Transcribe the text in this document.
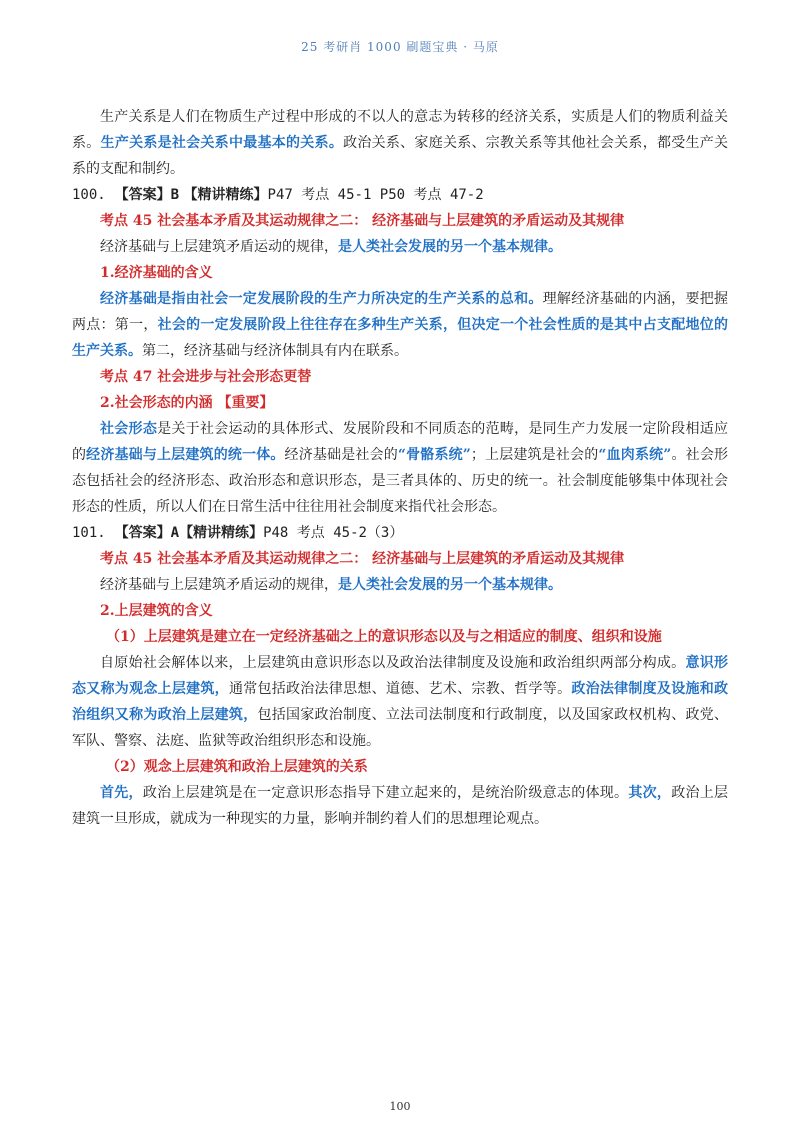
25 考研肖 1000 刷题宝典 · 马原

生产关系是人们在物质生产过程中形成的不以人的意志为转移的经济关系，实质是人们的物质利益关系。生产关系是社会关系中最基本的关系。政治关系、家庭关系、宗教关系等其他社会关系，都受生产关系的支配和制约。

100. 【答案】B 【精讲精练】P47 考点 45-1 P50 考点 47-2

考点 45 社会基本矛盾及其运动规律之二： 经济基础与上层建筑的矛盾运动及其规律

经济基础与上层建筑矛盾运动的规律，是人类社会发展的另一个基本规律。

1.经济基础的含义

经济基础是指由社会一定发展阶段的生产力所决定的生产关系的总和。理解经济基础的内涵，要把握两点：第一，社会的一定发展阶段上往往存在多种生产关系，但决定一个社会性质的是其中占支配地位的生产关系。第二，经济基础与经济体制具有内在联系。

考点 47 社会进步与社会形态更替

2.社会形态的内涵 【重要】

社会形态是关于社会运动的具体形式、发展阶段和不同质态的范畴，是同生产力发展一定阶段相适应的经济基础与上层建筑的统一体。经济基础是社会的“骨骼系统”；上层建筑是社会的“血肉系统”。社会形态包括社会的经济形态、政治形态和意识形态，是三者具体的、历史的统一。社会制度能够集中体现社会形态的性质，所以人们在日常生活中往往用社会制度来指代社会形态。

101. 【答案】A【精讲精练】P48 考点 45-2（3）

考点 45 社会基本矛盾及其运动规律之二： 经济基础与上层建筑的矛盾运动及其规律

经济基础与上层建筑矛盾运动的规律，是人类社会发展的另一个基本规律。

2.上层建筑的含义

（1）上层建筑是建立在一定经济基础之上的意识形态以及与之相适应的制度、组织和设施

自原始社会解体以来，上层建筑由意识形态以及政治法律制度及设施和政治组织两部分构成。意识形态又称为观念上层建筑，通常包括政治法律思想、道德、艺术、宗教、哲学等。政治法律制度及设施和政治组织又称为政治上层建筑，包括国家政治制度、立法司法制度和行政制度，以及国家政权机构、政党、军队、警察、法庭、监狱等政治组织形态和设施。

（2）观念上层建筑和政治上层建筑的关系

首先，政治上层建筑是在一定意识形态指导下建立起来的，是统治阶级意志的体现。其次，政治上层建筑一旦形成，就成为一种现实的力量，影响并制约着人们的思想理论观点。

100
